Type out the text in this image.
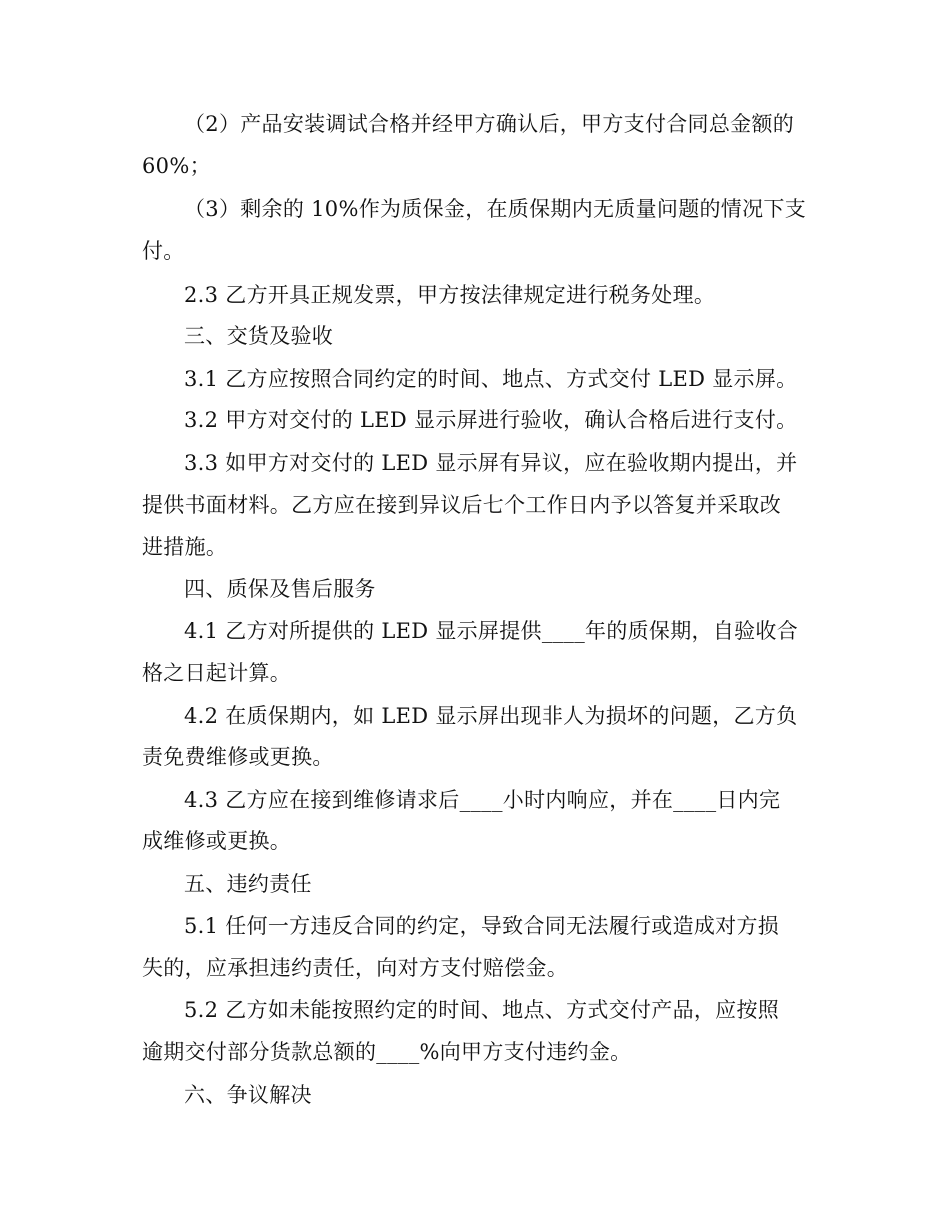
（2）产品安装调试合格并经甲方确认后，甲方支付合同总金额的
60%；
（3）剩余的 10%作为质保金，在质保期内无质量问题的情况下支
付。
2.3 乙方开具正规发票，甲方按法律规定进行税务处理。
三、交货及验收
3.1 乙方应按照合同约定的时间、地点、方式交付 LED 显示屏。
3.2 甲方对交付的 LED 显示屏进行验收，确认合格后进行支付。
3.3 如甲方对交付的 LED 显示屏有异议，应在验收期内提出，并
提供书面材料。乙方应在接到异议后七个工作日内予以答复并采取改
进措施。
四、质保及售后服务
4.1 乙方对所提供的 LED 显示屏提供____年的质保期，自验收合
格之日起计算。
4.2 在质保期内，如 LED 显示屏出现非人为损坏的问题，乙方负
责免费维修或更换。
4.3 乙方应在接到维修请求后____小时内响应，并在____日内完
成维修或更换。
五、违约责任
5.1 任何一方违反合同的约定，导致合同无法履行或造成对方损
失的，应承担违约责任，向对方支付赔偿金。
5.2 乙方如未能按照约定的时间、地点、方式交付产品，应按照
逾期交付部分货款总额的____%向甲方支付违约金。
六、争议解决
